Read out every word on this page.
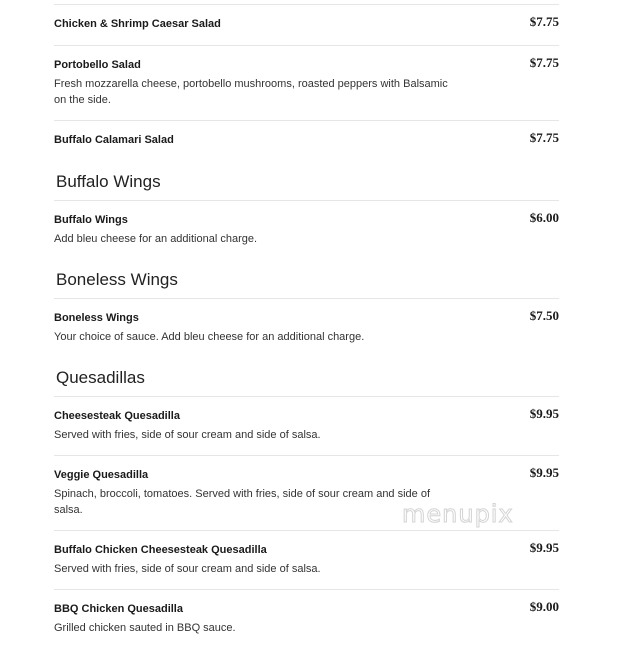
Chicken & Shrimp Caesar Salad	$7.75
Portobello Salad	$7.75
Fresh mozzarella cheese, portobello mushrooms, roasted peppers with Balsamic on the side.
Buffalo Calamari Salad	$7.75
Buffalo Wings
Buffalo Wings	$6.00
Add bleu cheese for an additional charge.
Boneless Wings
Boneless Wings	$7.50
Your choice of sauce. Add bleu cheese for an additional charge.
Quesadillas
Cheesesteak Quesadilla	$9.95
Served with fries, side of sour cream and side of salsa.
Veggie Quesadilla	$9.95
Spinach, broccoli, tomatoes. Served with fries, side of sour cream and side of salsa.
Buffalo Chicken Cheesesteak Quesadilla	$9.95
Served with fries, side of sour cream and side of salsa.
BBQ Chicken Quesadilla	$9.00
Grilled chicken sauted in BBQ sauce.
menupix
